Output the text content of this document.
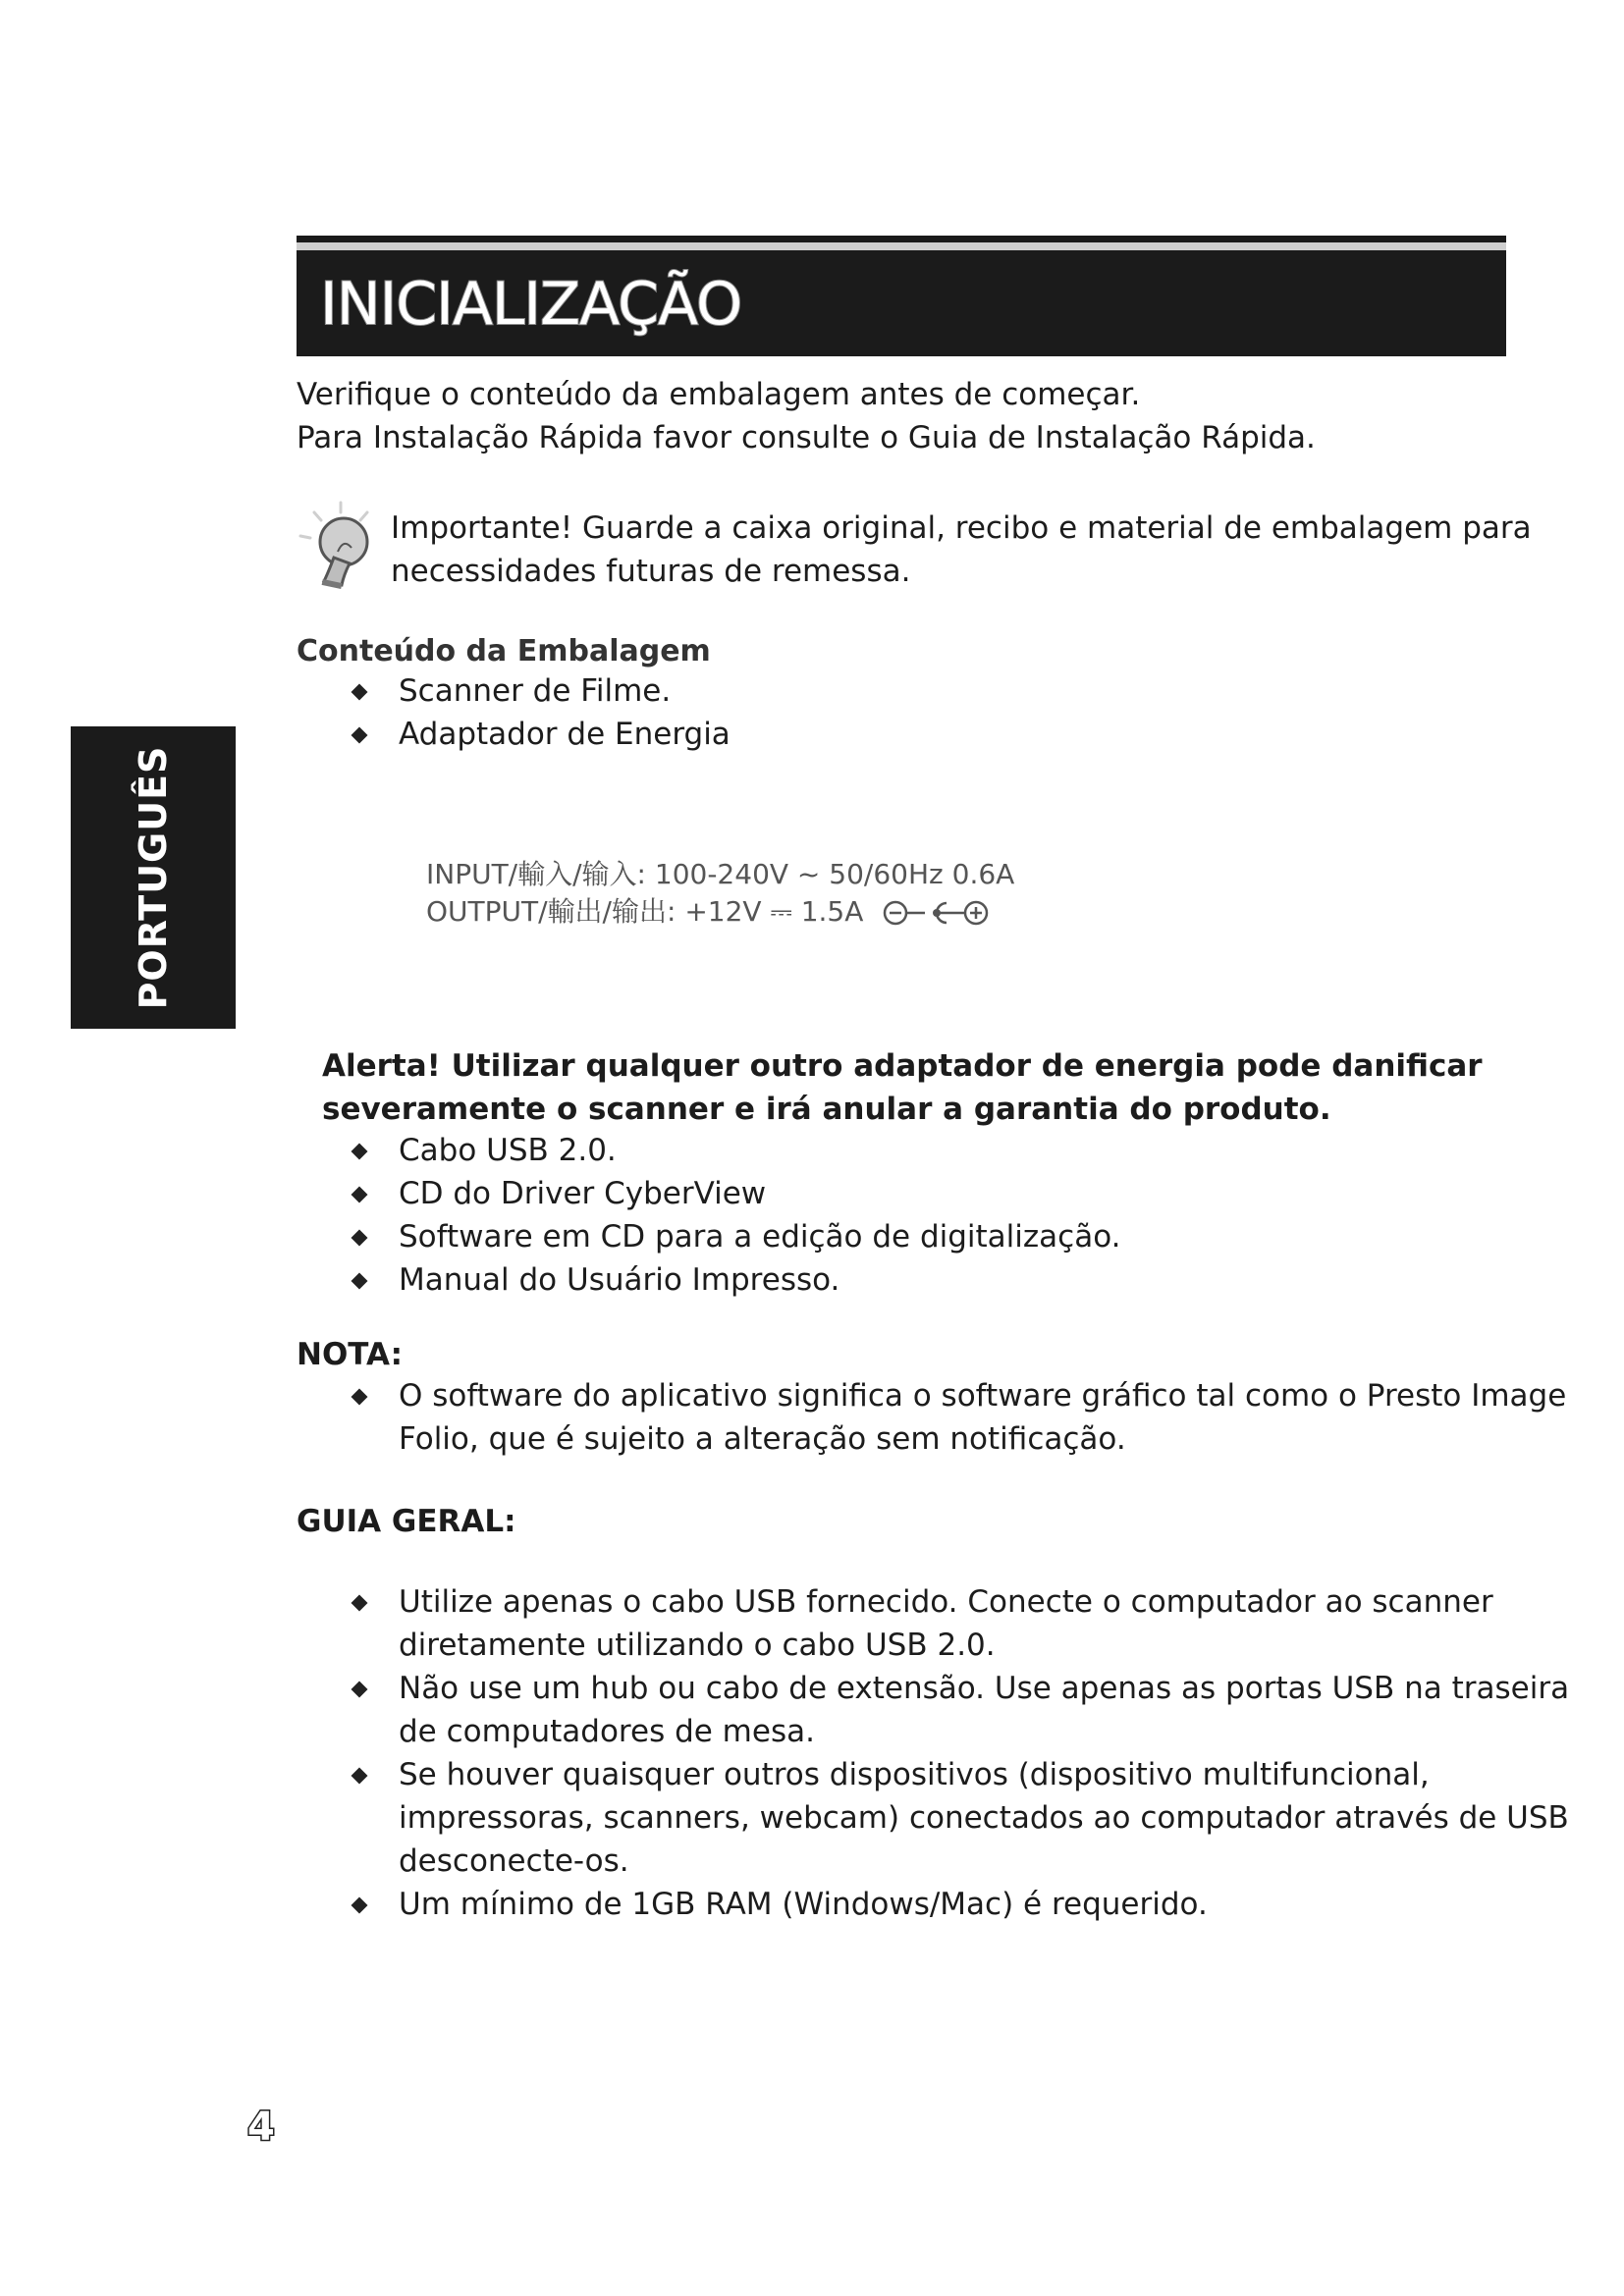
INICIALIZAÇÃO
PORTUGUÊS
Verifique o conteúdo da embalagem antes de começar.
Para Instalação Rápida favor consulte o Guia de Instalação Rápida.
Importante! Guarde a caixa original, recibo e material de embalagem para
necessidades futuras de remessa.
Conteúdo da Embalagem
Scanner de Filme.
Adaptador de Energia
INPUT/輸入/输入: 100-240V ~ 50/60Hz 0.6A
OUTPUT/輸出/输出: +12V ⎓ 1.5A
Alerta! Utilizar qualquer outro adaptador de energia pode danificar
severamente o scanner e irá anular a garantia do produto.
Cabo USB 2.0.
CD do Driver CyberView
Software em CD para a edição de digitalização.
Manual do Usuário Impresso.
NOTA:
O software do aplicativo significa o software gráfico tal como o Presto Image
Folio, que é sujeito a alteração sem notificação.
GUIA GERAL:
Utilize apenas o cabo USB fornecido. Conecte o computador ao scanner
diretamente utilizando o cabo USB 2.0.
Não use um hub ou cabo de extensão. Use apenas as portas USB na traseira
de computadores de mesa.
Se houver quaisquer outros dispositivos (dispositivo multifuncional,
impressoras, scanners, webcam) conectados ao computador através de USB
desconecte-os.
Um mínimo de 1GB RAM (Windows/Mac) é requerido.
4
